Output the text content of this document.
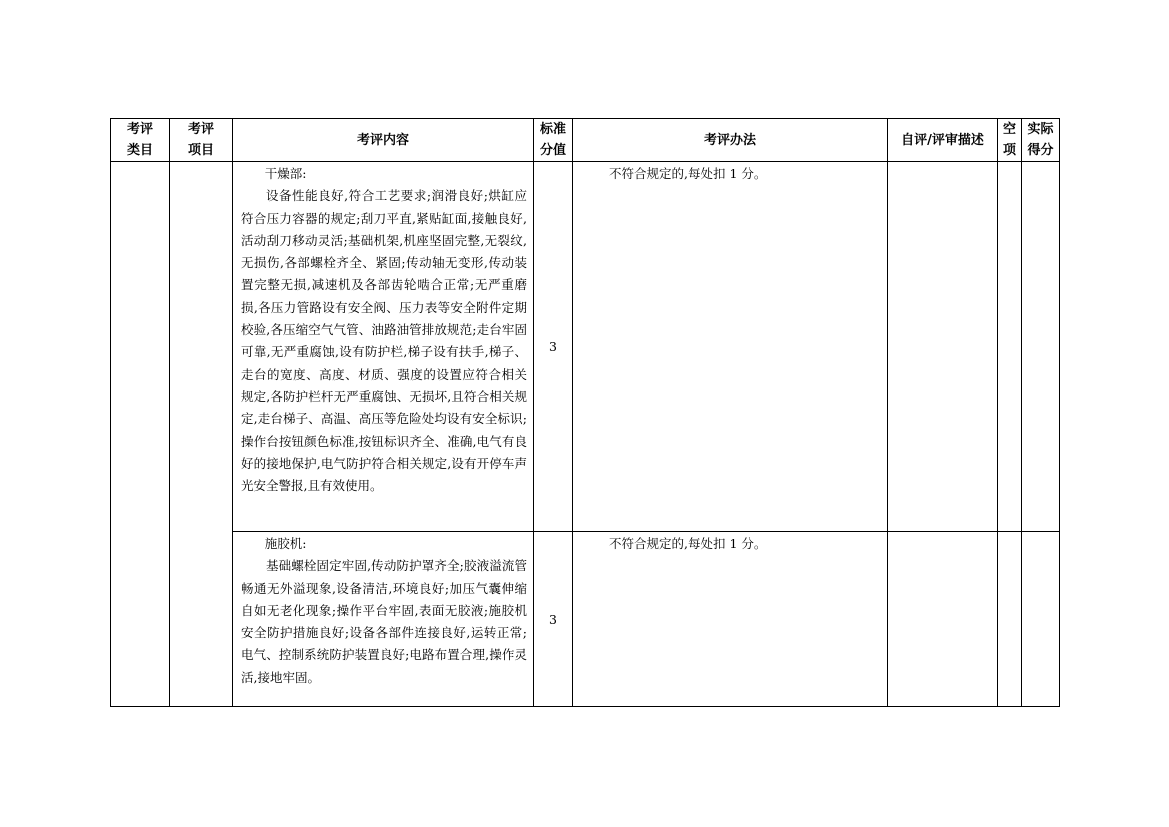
考评类目	考评项目	考评内容	标准分值	考评办法	自评/评审描述	空项	实际得分

		干燥部:

设备性能良好,符合工艺要求;润滑良好;烘缸应符合压力容器的规定;刮刀平直,紧贴缸面,接触良好,活动刮刀移动灵活;基础机架,机座坚固完整,无裂纹,无损伤,各部螺栓齐全、紧固;传动轴无变形,传动装置完整无损,减速机及各部齿轮啮合正常;无严重磨损,各压力管路设有安全阀、压力表等安全附件定期校验,各压缩空气气管、油路油管排放规范;走台牢固可靠,无严重腐蚀,设有防护栏,梯子设有扶手,梯子、走台的宽度、高度、材质、强度的设置应符合相关规定,各防护栏杆无严重腐蚀、无损坏,且符合相关规定,走台梯子、高温、高压等危险处均设有安全标识;操作台按钮颜色标准,按钮标识齐全、准确,电气有良好的接地保护,电气防护符合相关规定,设有开停车声光安全警报,且有效使用。	3	不符合规定的,每处扣 1 分。			

		施胶机:

基础螺栓固定牢固,传动防护罩齐全;胶液溢流管畅通无外溢现象,设备清洁,环境良好;加压气囊伸缩自如无老化现象;操作平台牢固,表面无胶液;施胶机安全防护措施良好;设备各部件连接良好,运转正常;电气、控制系统防护装置良好;电路布置合理,操作灵活,接地牢固。	3	不符合规定的,每处扣 1 分。			
